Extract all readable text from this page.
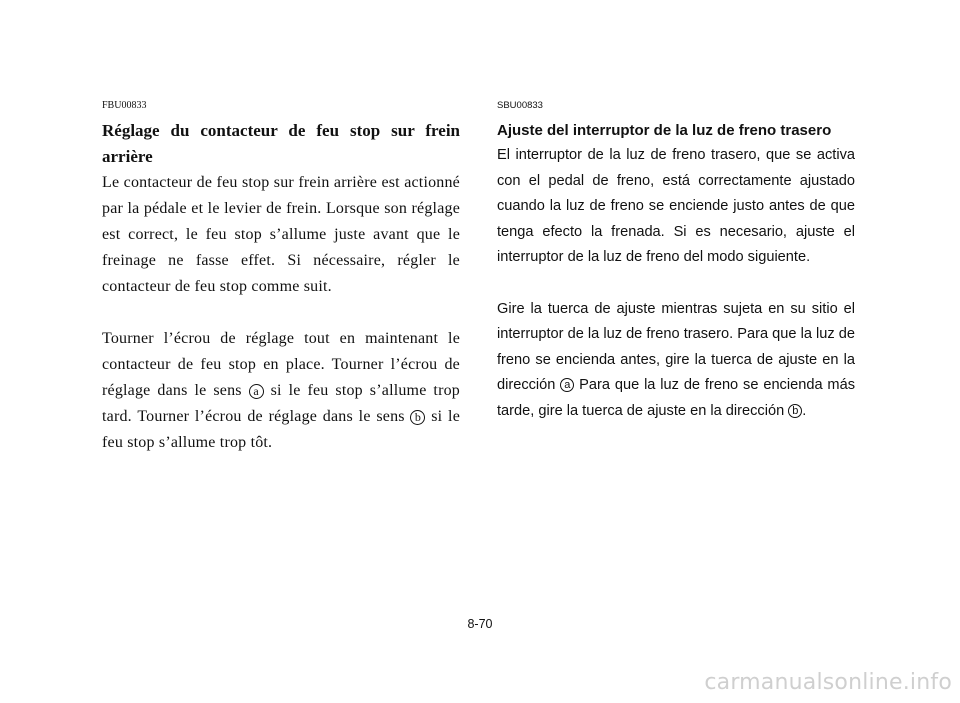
FBU00833

Réglage du contacteur de feu stop sur frein arrière

Le contacteur de feu stop sur frein arrière est actionné par la pédale et le levier de frein. Lorsque son réglage est correct, le feu stop s’allume juste avant que le freinage ne fasse effet. Si nécessaire, régler le contacteur de feu stop comme suit.

Tourner l’écrou de réglage tout en maintenant le contacteur de feu stop en place. Tourner l’écrou de réglage dans le sens a si le feu stop s’allume trop tard. Tourner l’écrou de réglage dans le sens b si le feu stop s’allume trop tôt.

SBU00833

Ajuste del interruptor de la luz de freno trasero

El interruptor de la luz de freno trasero, que se activa con el pedal de freno, está correctamente ajustado cuando la luz de freno se enciende justo antes de que tenga efecto la frenada. Si es necesario, ajuste el interruptor de la luz de freno del modo siguiente.

Gire la tuerca de ajuste mientras sujeta en su sitio el interruptor de la luz de freno trasero. Para que la luz de freno se encienda antes, gire la tuerca de ajuste en la dirección a Para que la luz de freno se encienda más tarde, gire la tuerca de ajuste en la dirección b .

8-70
carmanualsonline.info
